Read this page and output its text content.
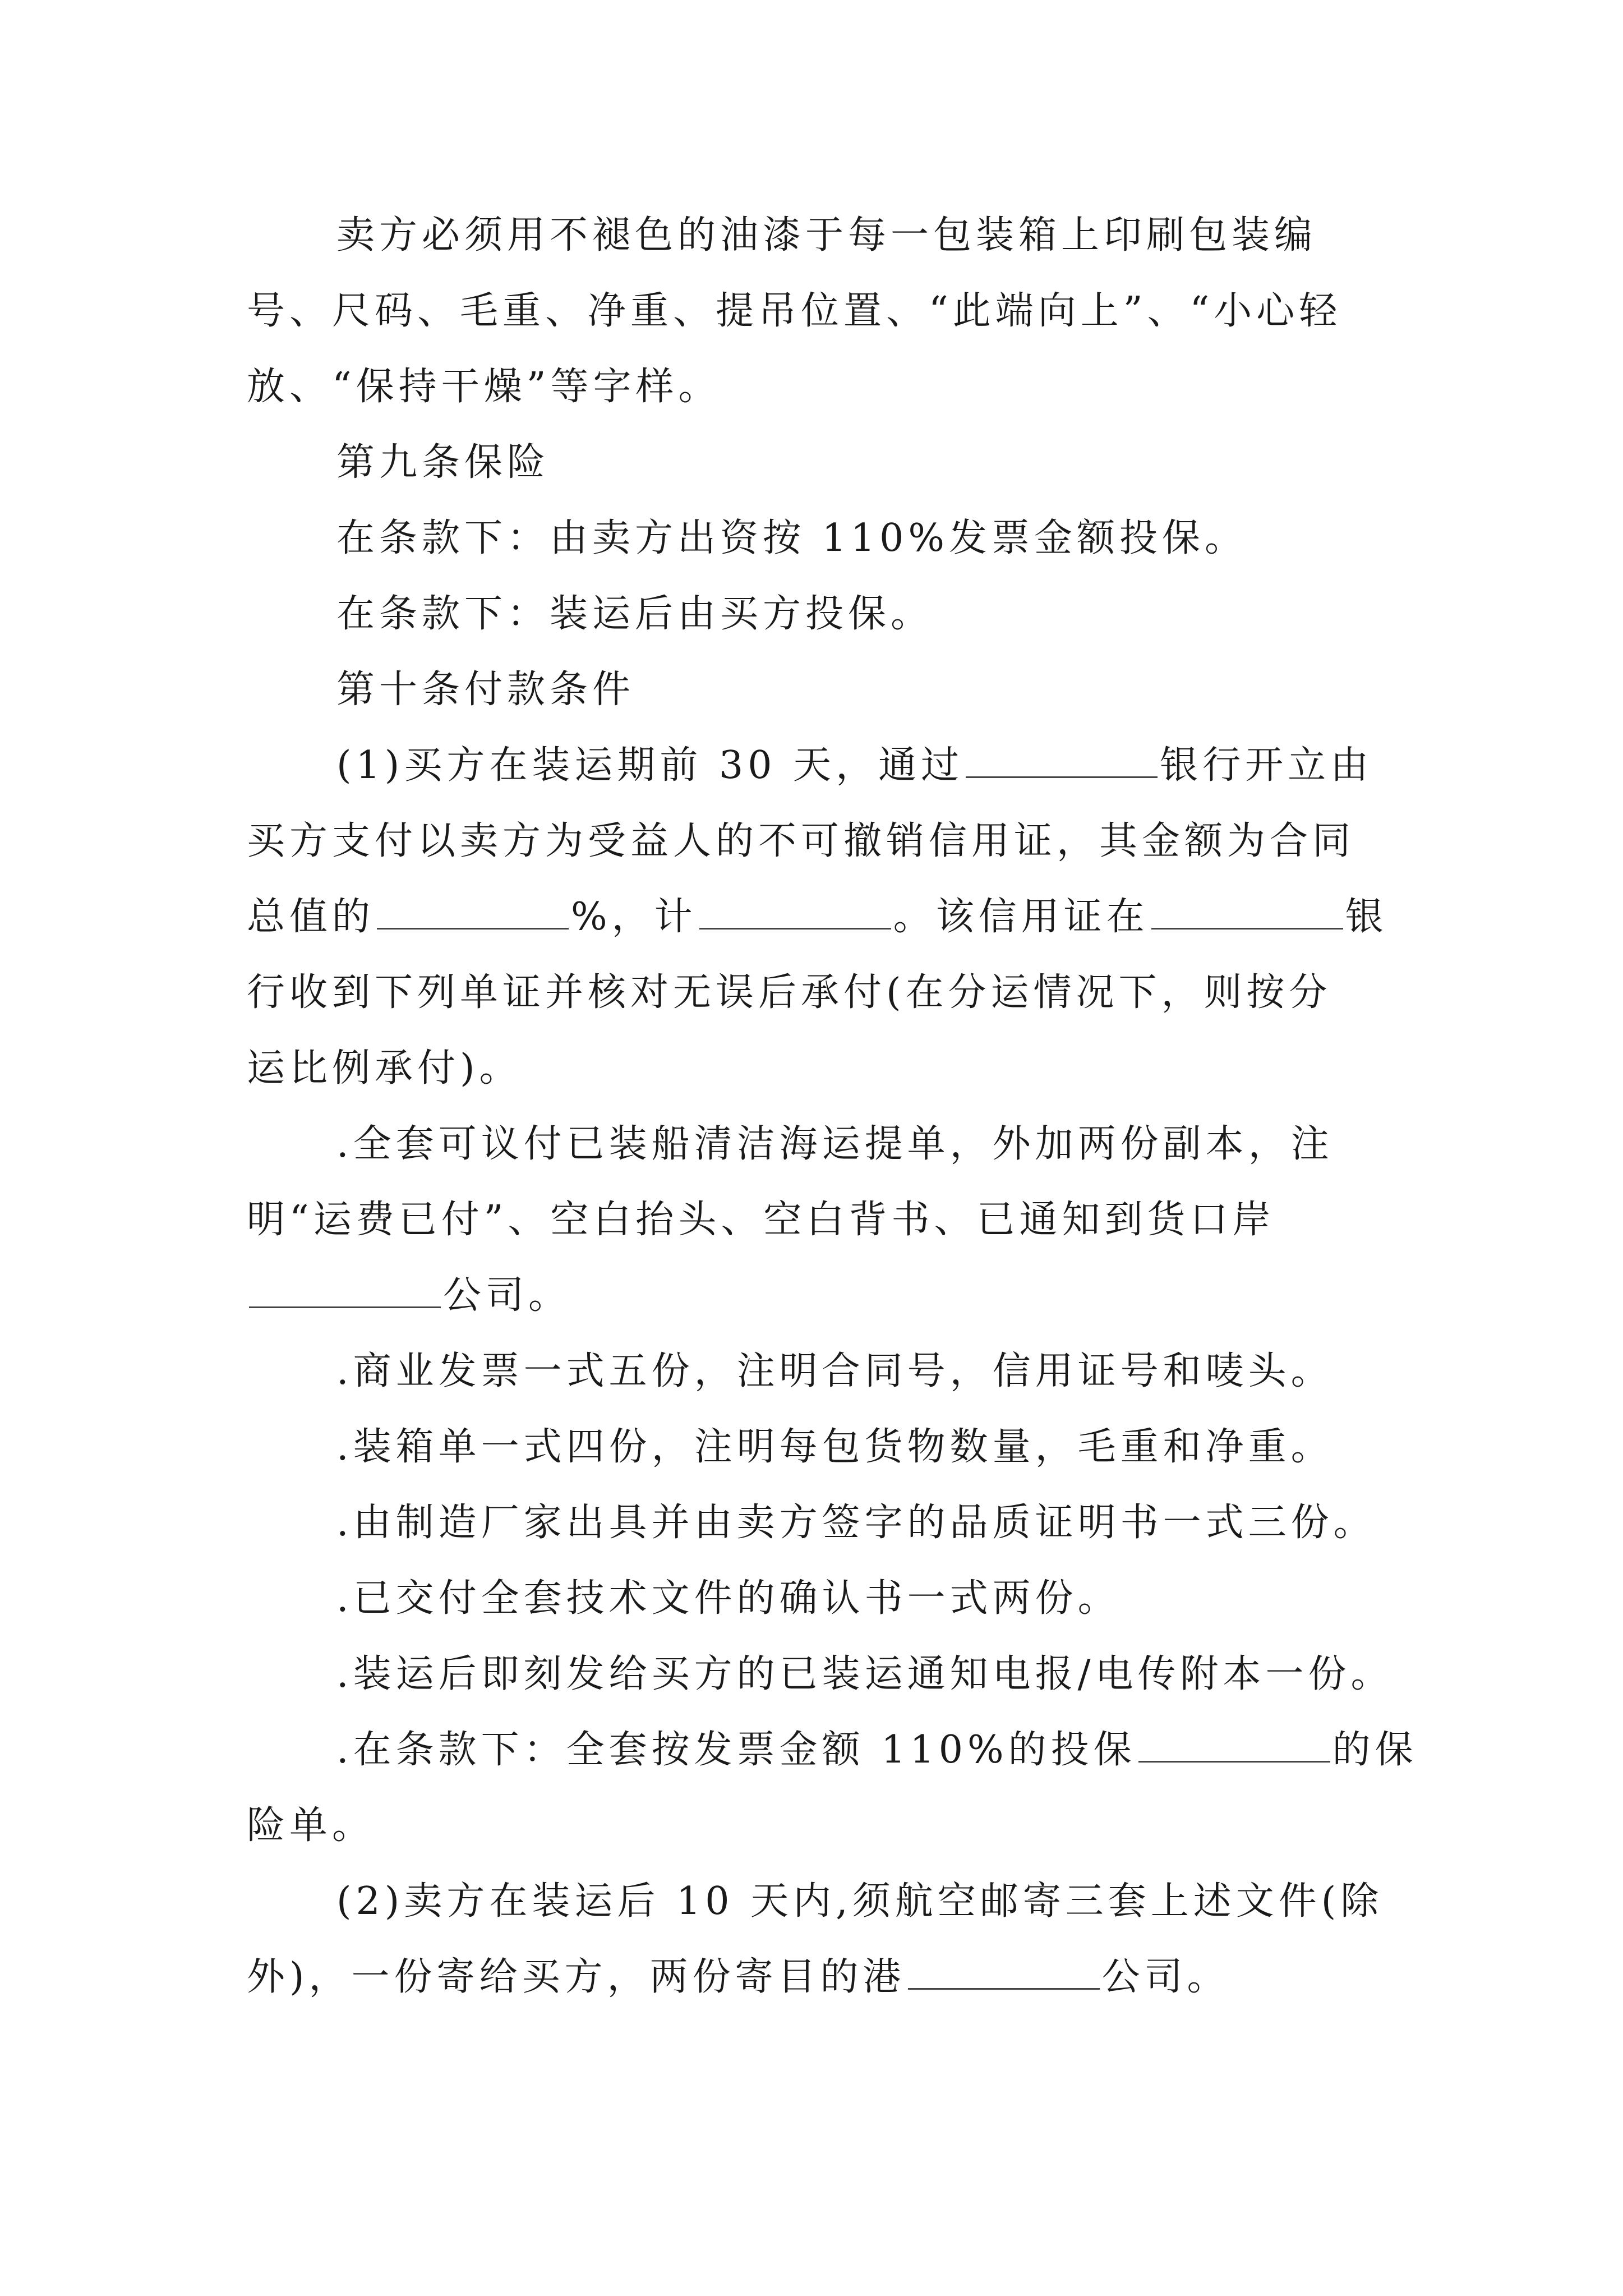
卖方必须用不褪色的油漆于每一包装箱上印刷包装编
号、尺码、毛重、净重、提吊位置、“此端向上”、“小心轻
放、“保持干燥”等字样。
第九条保险
在条款下：由卖方出资按 110%发票金额投保。
在条款下：装运后由买方投保。
第十条付款条件
(1)买方在装运期前 30 天，通过	银行开立由
买方支付以卖方为受益人的不可撤销信用证，其金额为合同
总值的	%，计	。该信用证在	银
行收到下列单证并核对无误后承付(在分运情况下，则按分
运比例承付)。
.全套可议付已装船清洁海运提单，外加两份副本，注
明“运费已付”、空白抬头、空白背书、已通知到货口岸
公司。
.商业发票一式五份，注明合同号，信用证号和唛头。
.装箱单一式四份，注明每包货物数量，毛重和净重。
.由制造厂家出具并由卖方签字的品质证明书一式三份。
.已交付全套技术文件的确认书一式两份。
.装运后即刻发给买方的已装运通知电报/电传附本一份。
.在条款下：全套按发票金额 110%的投保	的保
险单。
(2)卖方在装运后 10 天内,须航空邮寄三套上述文件(除
外)，一份寄给买方，两份寄目的港	公司。
